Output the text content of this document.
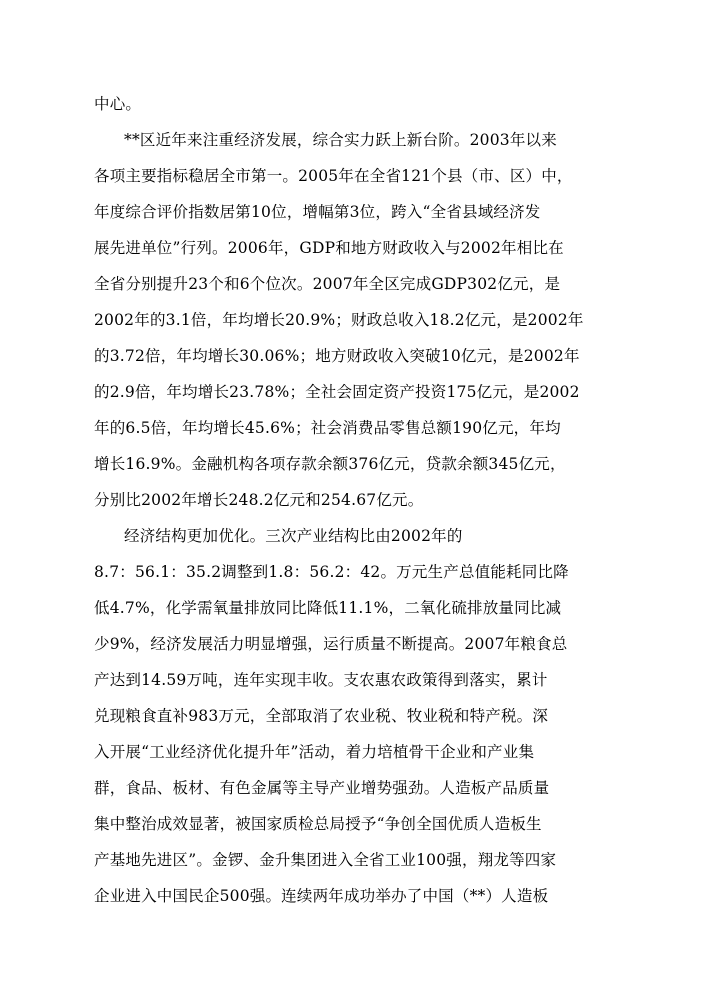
中心。
**区近年来注重经济发展，综合实力跃上新台阶。2003年以来
各项主要指标稳居全市第一。2005年在全省121个县（市、区）中，
年度综合评价指数居第10位，增幅第3位，跨入“全省县域经济发
展先进单位”行列。2006年，GDP和地方财政收入与2002年相比在
全省分别提升23个和6个位次。2007年全区完成GDP302亿元，是
2002年的3.1倍，年均增长20.9%；财政总收入18.2亿元，是2002年
的3.72倍，年均增长30.06%；地方财政收入突破10亿元，是2002年
的2.9倍，年均增长23.78%；全社会固定资产投资175亿元，是2002
年的6.5倍，年均增长45.6%；社会消费品零售总额190亿元，年均
增长16.9%。金融机构各项存款余额376亿元，贷款余额345亿元，
分别比2002年增长248.2亿元和254.67亿元。
经济结构更加优化。三次产业结构比由2002年的
8.7：56.1：35.2调整到1.8：56.2：42。万元生产总值能耗同比降
低4.7%，化学需氧量排放同比降低11.1%，二氧化硫排放量同比减
少9%，经济发展活力明显增强，运行质量不断提高。2007年粮食总
产达到14.59万吨，连年实现丰收。支农惠农政策得到落实，累计
兑现粮食直补983万元，全部取消了农业税、牧业税和特产税。深
入开展“工业经济优化提升年”活动，着力培植骨干企业和产业集
群，食品、板材、有色金属等主导产业增势强劲。人造板产品质量
集中整治成效显著，被国家质检总局授予“争创全国优质人造板生
产基地先进区”。金锣、金升集团进入全省工业100强，翔龙等四家
企业进入中国民企500强。连续两年成功举办了中国（**）人造板
